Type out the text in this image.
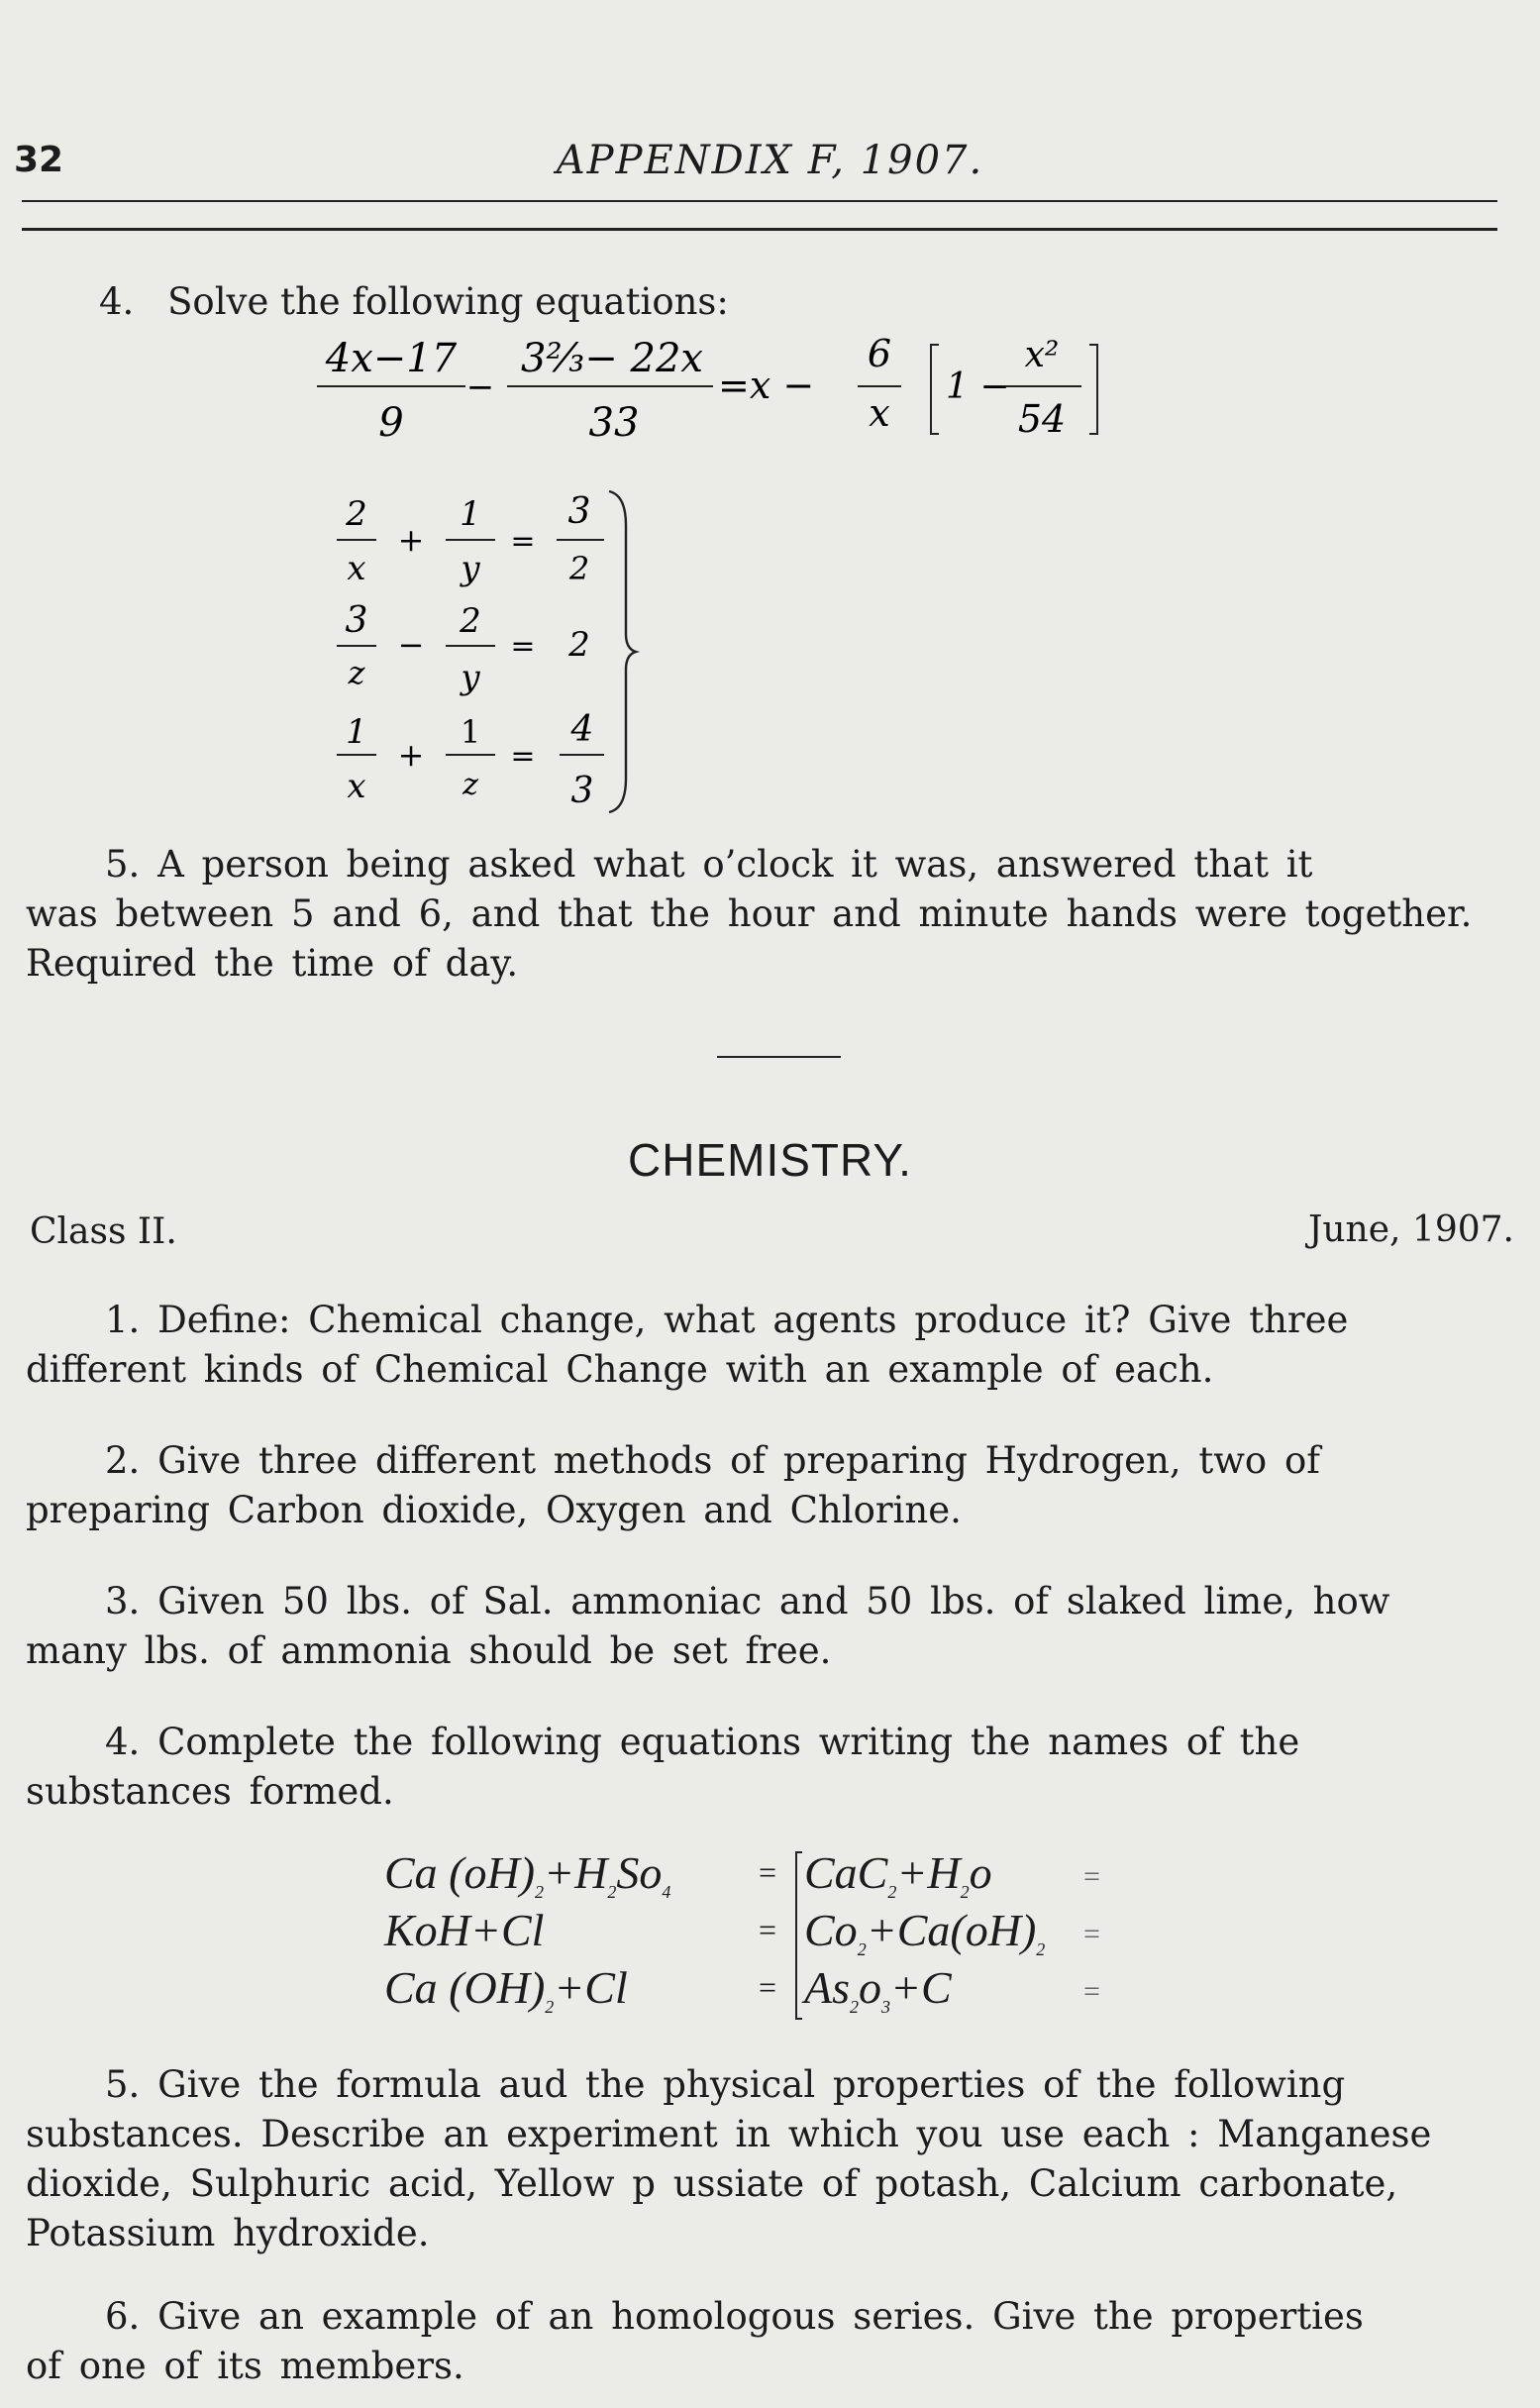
32	APPENDIX F, 1907.
4. Solve the following equations:
4x−17
9
−
3⅔− 22x
33
=x −
6
x
1 −
x²
54
2
x
+
1
y
=
3
2
3
z
−
2
y
= 2
1
x
+
1
z
=
4
3
5. A person being asked what o’clock it was, answered that it
was between 5 and 6, and that the hour and minute hands were together.
Required the time of day.
CHEMISTRY.
Class II.	June, 1907.
1. Define: Chemical change, what agents produce it? Give three
different kinds of Chemical Change with an example of each.
2. Give three different methods of preparing Hydrogen, two of
preparing Carbon dioxide, Oxygen and Chlorine.
3. Given 50 lbs. of Sal. ammoniac and 50 lbs. of slaked lime, how
many lbs. of ammonia should be set free.
4. Complete the following equations writing the names of the
substances formed.
Ca $(oH)_2+H_2So_4$
KoH+Cl
Ca $(OH)_2+Cl$
=
=
=
$CaC_2+H_2o$
$Co_2+Ca(oH)_2$
$As_2o_3+C$
=
=
=
5. Give the formula aud the physical properties of the following
substances. Describe an experiment in which you use each : Manganese
dioxide, Sulphuric acid, Yellow p ussiate of potash, Calcium carbonate,
Potassium hydroxide.
6. Give an example of an homologous series. Give the properties
of one of its members.
